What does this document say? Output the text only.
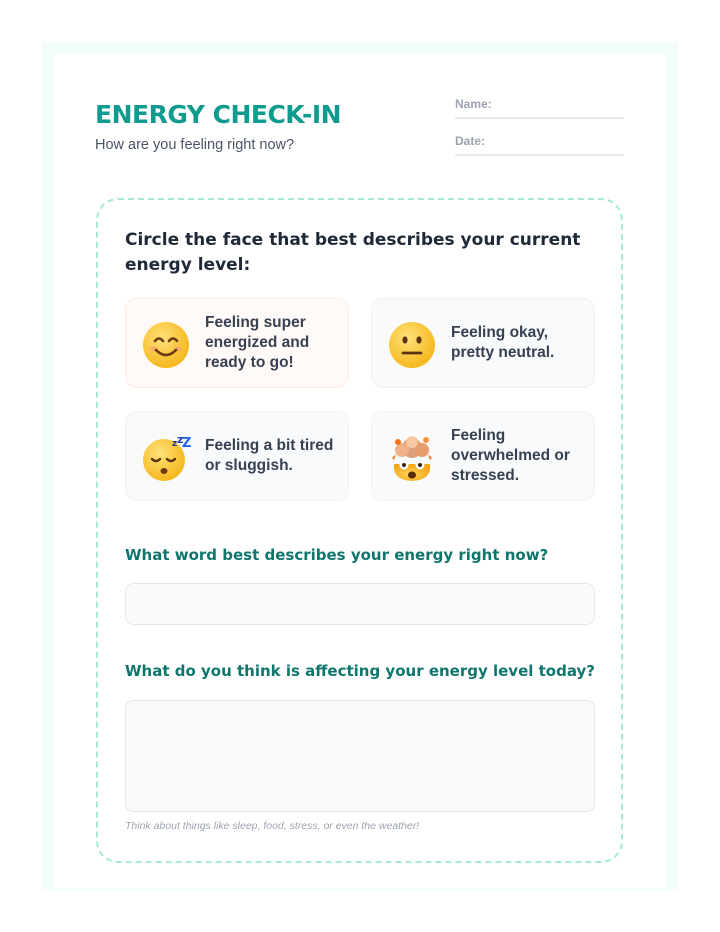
ENERGY CHECK-IN
How are you feeling right now?
Name:
Date:
Circle the face that best describes your current energy level:
Feeling super energized and ready to go!
Feeling okay, pretty neutral.
z z
Z Feeling a bit tired or sluggish.
Feeling overwhelmed or stressed.
What word best describes your energy right now?
What do you think is affecting your energy level today?
Think about things like sleep, food, stress, or even the weather!
